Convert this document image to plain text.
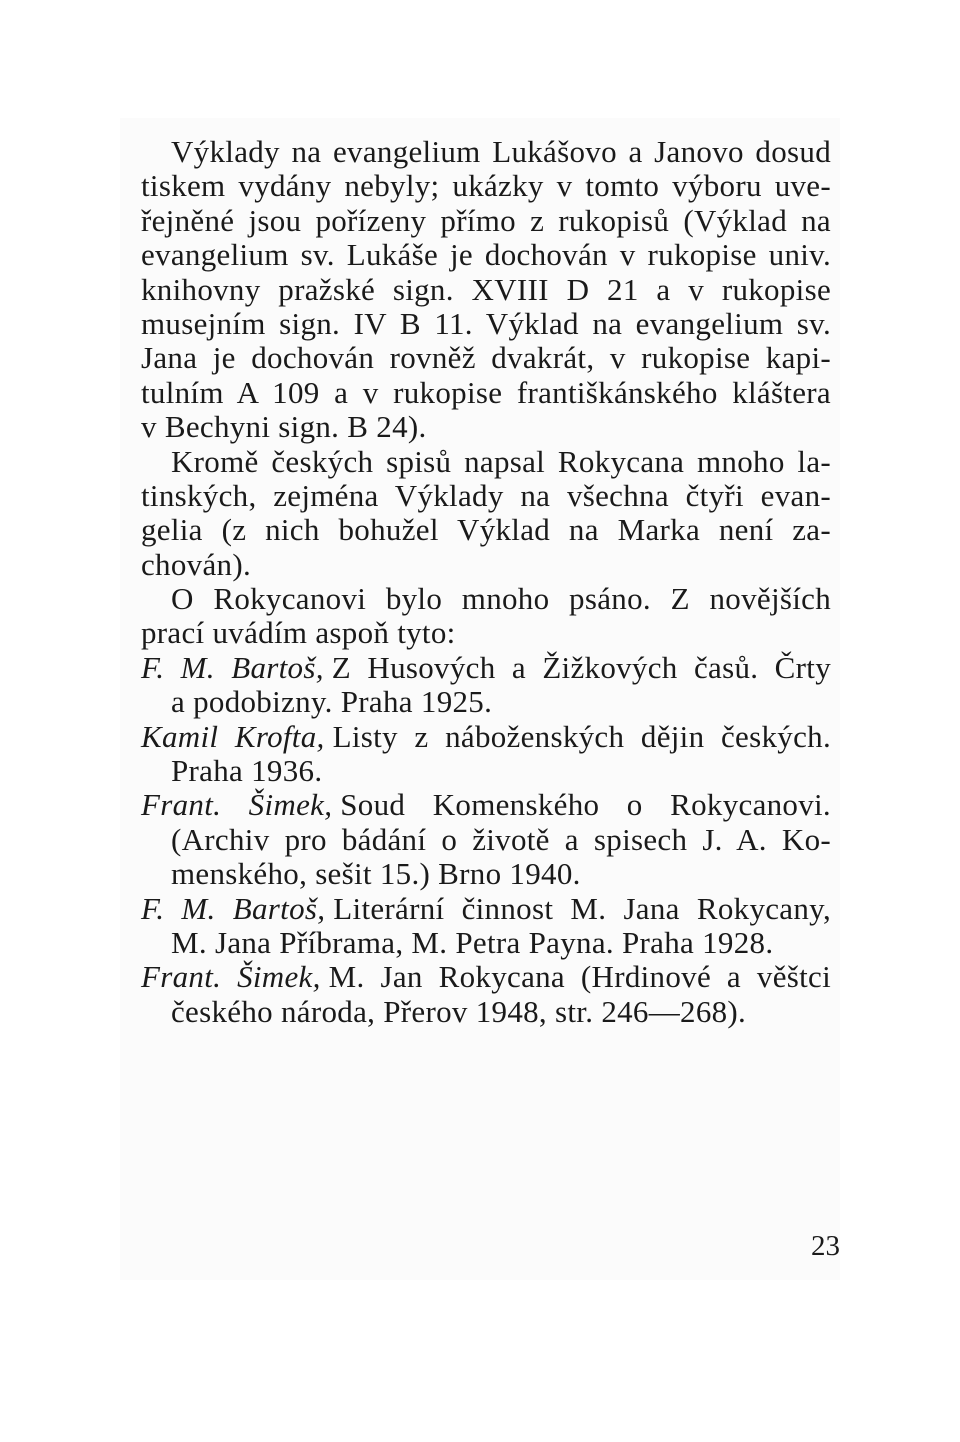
Výklady na evangelium Lukášovo a Janovo dosud
tiskem vydány nebyly; ukázky v tomto výboru uve-
řejněné jsou pořízeny přímo z rukopisů (Výklad na
evangelium sv. Lukáše je dochován v rukopise univ.
knihovny pražské sign. XVIII D 21 a v rukopise
musejním sign. IV B 11. Výklad na evangelium sv.
Jana je dochován rovněž dvakrát, v rukopise kapi-
tulním A 109 a v rukopise františkánského kláštera
v Bechyni sign. B 24).
Kromě českých spisů napsal Rokycana mnoho la-
tinských, zejména Výklady na všechna čtyři evan-
gelia (z nich bohužel Výklad na Marka není za-
chován).
O Rokycanovi bylo mnoho psáno. Z novějších
prací uvádím aspoň tyto:
F. M. Bartoš, Z Husových a Žižkových časů. Črty
a podobizny. Praha 1925.
Kamil Krofta, Listy z náboženských dějin českých.
Praha 1936.
Frant. Šimek, Soud Komenského o Rokycanovi.
(Archiv pro bádání o životě a spisech J. A. Ko-
menského, sešit 15.) Brno 1940.
F. M. Bartoš, Literární činnost M. Jana Rokycany,
M. Jana Příbrama, M. Petra Payna. Praha 1928.
Frant. Šimek, M. Jan Rokycana (Hrdinové a věštci
českého národa, Přerov 1948, str. 246—268).
23
